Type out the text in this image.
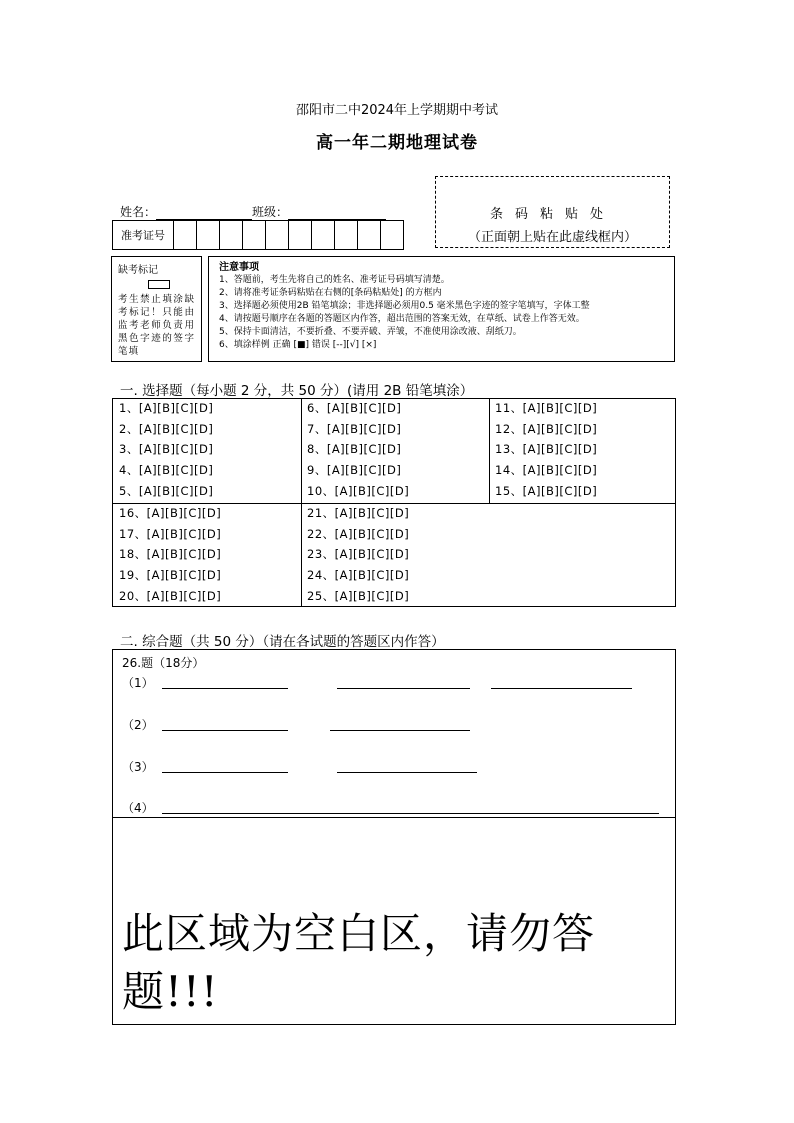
邵阳市二中2024年上学期期中考试
高一年二期地理试卷
条码粘贴处
（正面朝上贴在此虚线框内）
姓名：	班级：
准考证号
缺考标记
考生禁止填涂缺考标记！只能由监考老师负责用黑色字迹的签字笔填
注意事项
1、答题前，考生先将自己的姓名、准考证号码填写清楚。
2、请将准考证条码粘贴在右侧的[条码粘贴处] 的方框内
3、选择题必须使用2B 铅笔填涂；非选择题必须用0.5 毫米黑色字迹的签字笔填写，字体工整
4、请按题号顺序在各题的答题区内作答，超出范围的答案无效，在草纸、试卷上作答无效。
5、保持卡面清洁，不要折叠、不要弄破、弄皱，不准使用涂改液、刮纸刀。
6、填涂样例 正确 [■] 错误 [--][√] [×]
一. 选择题（每小题 2 分，共 50 分）(请用 2B 铅笔填涂）
1、[A][B][C][D]	6、[A][B][C][D]	11、[A][B][C][D]
2、[A][B][C][D]	7、[A][B][C][D]	12、[A][B][C][D]
3、[A][B][C][D]	8、[A][B][C][D]	13、[A][B][C][D]
4、[A][B][C][D]	9、[A][B][C][D]	14、[A][B][C][D]
5、[A][B][C][D]	10、[A][B][C][D]	15、[A][B][C][D]
16、[A][B][C][D]	21、[A][B][C][D]
17、[A][B][C][D]	22、[A][B][C][D]
18、[A][B][C][D]	23、[A][B][C][D]
19、[A][B][C][D]	24、[A][B][C][D]
20、[A][B][C][D]	25、[A][B][C][D]
二. 综合题（共 50 分）（请在各试题的答题区内作答）
26.题（18分）
（1）
（2）
（3）
（4）
此区域为空白区，请勿答题!!!
